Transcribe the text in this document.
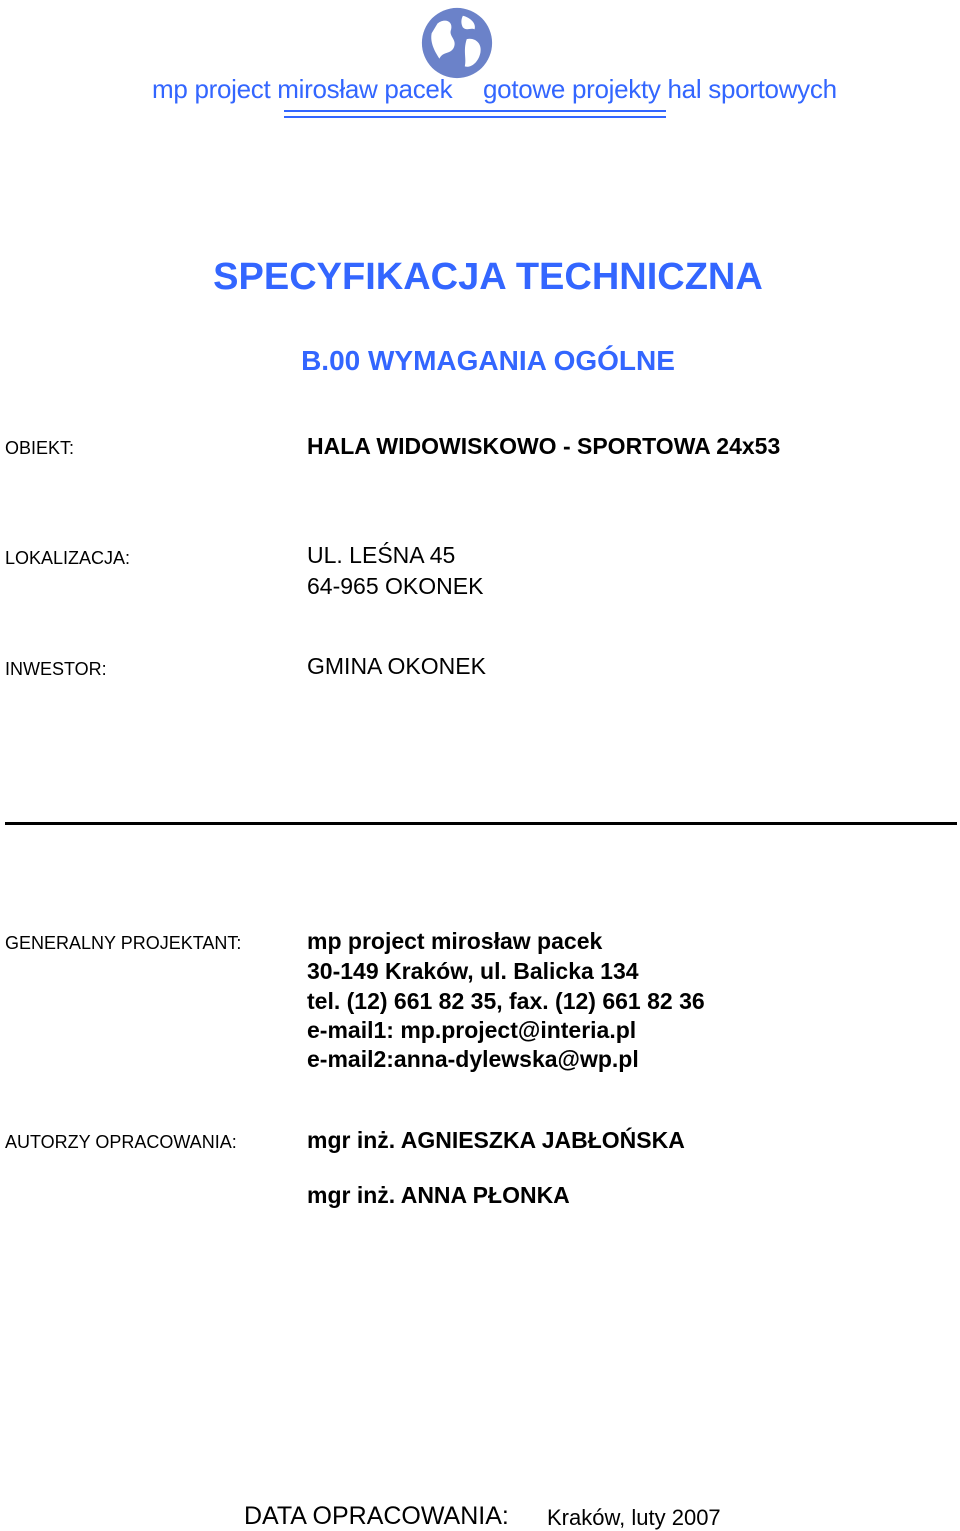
mp project mirosław pacek gotowe projekty hal sportowych
SPECYFIKACJA TECHNICZNA
B.00 WYMAGANIA OGÓLNE
OBIEKT:	HALA WIDOWISKOWO - SPORTOWA 24x53
LOKALIZACJA:	UL. LEŚNA 45
64-965 OKONEK
INWESTOR:	GMINA OKONEK
GENERALNY PROJEKTANT:	mp project mirosław pacek
30-149 Kraków, ul. Balicka 134
tel. (12) 661 82 35, fax. (12) 661 82 36
e-mail1: mp.project@interia.pl
e-mail2:anna-dylewska@wp.pl
AUTORZY OPRACOWANIA:	mgr inż. AGNIESZKA JABŁOŃSKA
mgr inż. ANNA PŁONKA
DATA OPRACOWANIA: Kraków, luty 2007
